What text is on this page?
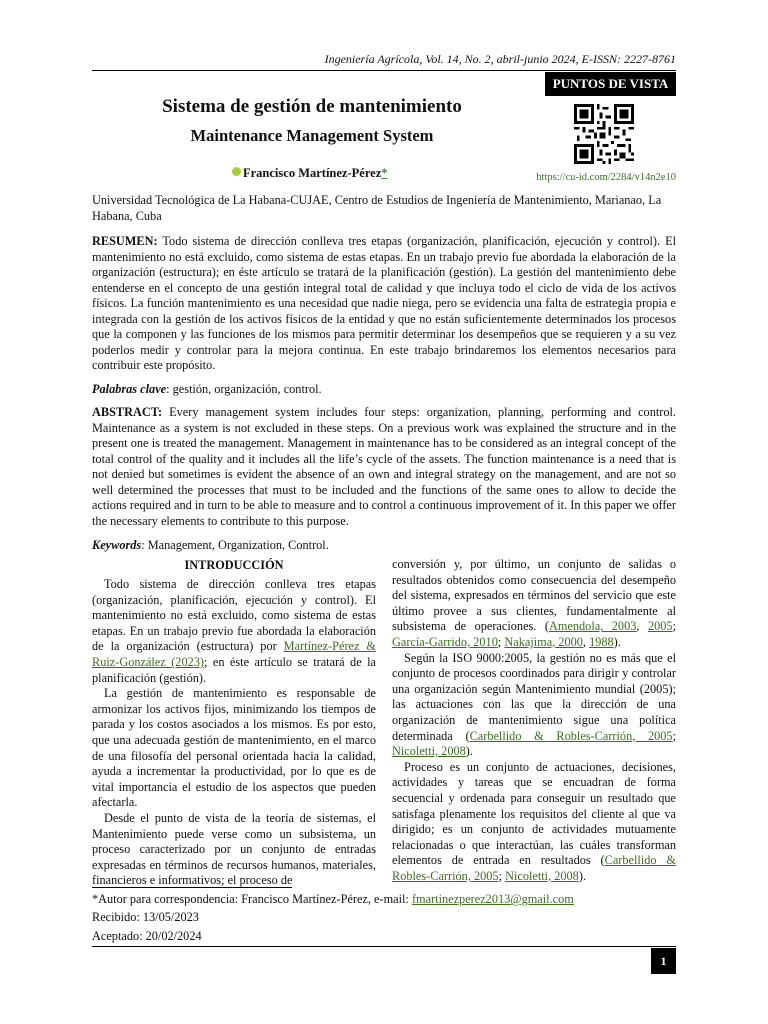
Ingeniería Agrícola, Vol. 14, No. 2, abril-junio 2024, E-ISSN: 2227-8761
PUNTOS DE VISTA
Sistema de gestión de mantenimiento
Maintenance Management System
Francisco Martínez-Pérez*	https://cu-id.com/2284/v14n2e10
Universidad Tecnológica de La Habana-CUJAE, Centro de Estudios de Ingeniería de Mantenimiento, Marianao, La Habana, Cuba
RESUMEN: Todo sistema de dirección conlleva tres etapas (organización, planificación, ejecución y control). El mantenimiento no está excluido, como sistema de estas etapas. En un trabajo previo fue abordada la elaboración de la organización (estructura); en éste artículo se tratará de la planificación (gestión). La gestión del mantenimiento debe entenderse en el concepto de una gestión integral total de calidad y que incluya todo el ciclo de vida de los activos físicos. La función mantenimiento es una necesidad que nadie niega, pero se evidencia una falta de estrategia propia e integrada con la gestión de los activos físicos de la entidad y que no están suficientemente determinados los procesos que la componen y las funciones de los mismos para permitir determinar los desempeños que se requieren y a su vez poderlos medir y controlar para la mejora continua. En este trabajo brindaremos los elementos necesarios para contribuir este propósito.
Palabras clave: gestión, organización, control.
ABSTRACT: Every management system includes four steps: organization, planning, performing and control. Maintenance as a system is not excluded in these steps. On a previous work was explained the structure and in the present one is treated the management. Management in maintenance has to be considered as an integral concept of the total control of the quality and it includes all the life’s cycle of the assets. The function maintenance is a need that is not denied but sometimes is evident the absence of an own and integral strategy on the management, and are not so well determined the processes that must to be included and the functions of the same ones to allow to decide the actions required and in turn to be able to measure and to control a continuous improvement of it. In this paper we offer the necessary elements to contribute to this purpose.
Keywords: Management, Organization, Control.

INTRODUCCIÓN

Todo sistema de dirección conlleva tres etapas (organización, planificación, ejecución y control). El mantenimiento no está excluido, como sistema de estas etapas. En un trabajo previo fue abordada la elaboración de la organización (estructura) por Martínez-Pérez & Ruiz-González (2023); en éste artículo se tratará de la planificación (gestión).

La gestión de mantenimiento es responsable de armonizar los activos fijos, minimizando los tiempos de parada y los costos asociados a los mismos. Es por esto, que una adecuada gestión de mantenimiento, en el marco de una filosofía del personal orientada hacia la calidad, ayuda a incrementar la productividad, por lo que es de vital importancia el estudio de los aspectos que pueden afectarla.

Desde el punto de vista de la teoría de sistemas, el Mantenimiento puede verse como un subsistema, un proceso caracterizado por un conjunto de entradas expresadas en términos de recursos humanos, materiales, financieros e informativos; el proceso de

conversión y, por último, un conjunto de salidas o resultados obtenidos como consecuencia del desempeño del sistema, expresados en términos del servicio que este último provee a sus clientes, fundamentalmente al subsistema de operaciones. (Amendola, 2003, 2005; García-Garrido, 2010; Nakajima, 2000, 1988).

Según la ISO 9000:2005, la gestión no es más que el conjunto de procesos coordinados para dirigir y controlar una organización según Mantenimiento mundial (2005); las actuaciones con las que la dirección de una organización de mantenimiento sigue una política determinada (Carbellido & Robles-Carrión, 2005; Nicoletti, 2008).

Proceso es un conjunto de actuaciones, decisiones, actividades y tareas que se encuadran de forma secuencial y ordenada para conseguir un resultado que satisfaga plenamente los requisitos del cliente al que va dirigido; es un conjunto de actividades mutuamente relacionadas o que interactúan, las cuáles transforman elementos de entrada en resultados (Carbellido & Robles-Carrión, 2005; Nicoletti, 2008).

*Autor para correspondencia: Francisco Martínez-Pérez, e-mail: fmartinezperez2013@gmail.com
Recibido: 13/05/2023
Aceptado: 20/02/2024
1
